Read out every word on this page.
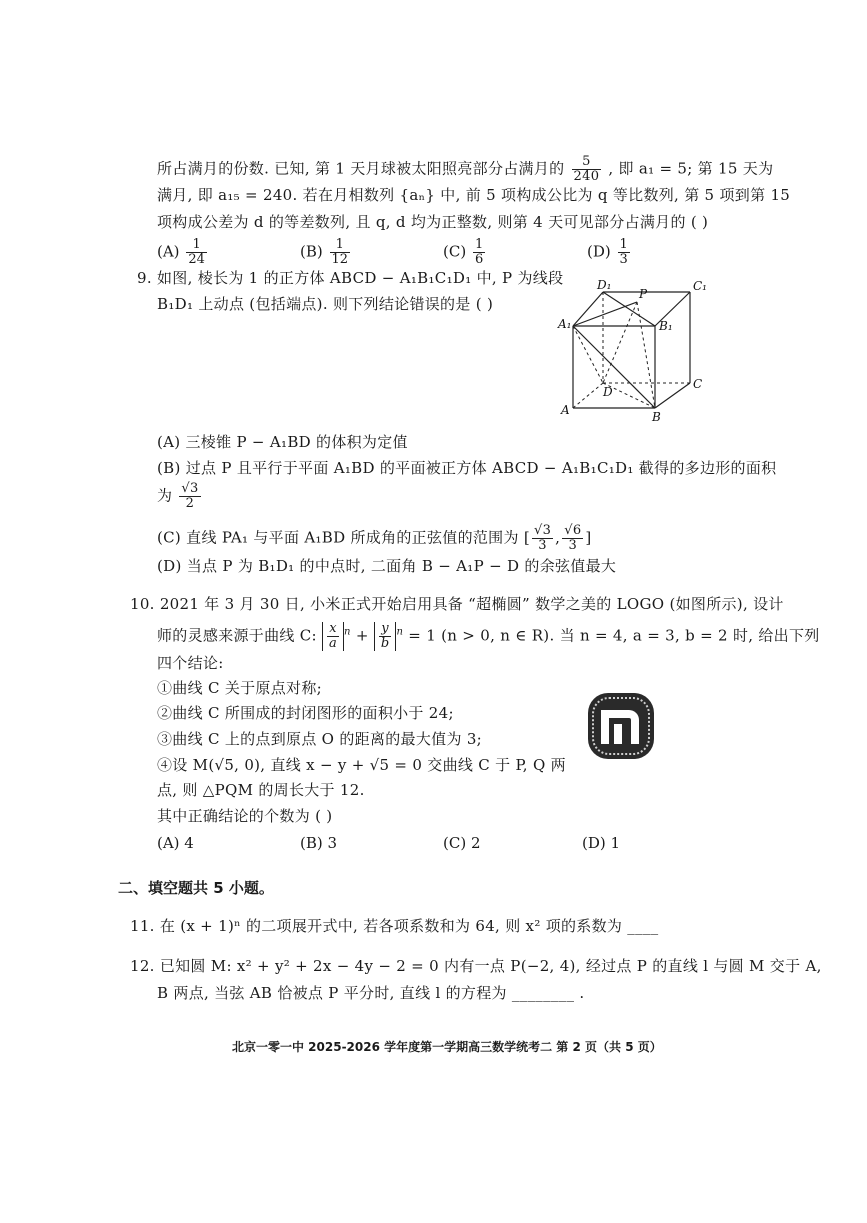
所占满月的份数. 已知, 第 1 天月球被太阳照亮部分占满月的 $\frac{5}{240}$ , 即 a₁ = 5; 第 15 天为
满月, 即 a₁₅ = 240. 若在月相数列 {aₙ} 中, 前 5 项构成公比为 q 等比数列, 第 5 项到第 15
项构成公差为 d 的等差数列, 且 q, d 均为正整数, 则第 4 天可见部分占满月的 ( )
$(A) \frac{1}{24}$	$(B) \frac{1}{12}$	$(C) \frac{1}{6}$	$(D) \frac{1}{3}$
9. 如图, 棱长为 1 的正方体 ABCD − A₁B₁C₁D₁ 中, P 为线段
B₁D₁ 上动点 (包括端点). 则下列结论错误的是 ( )
D₁
P
C₁
A₁	B₁
D
C
A	B
(A) 三棱锥 P − A₁BD 的体积为定值
(B) 过点 P 且平行于平面 A₁BD 的平面被正方体 ABCD − A₁B₁C₁D₁ 截得的多边形的面积
为 $\frac{√3}{2}$
(C) 直线 PA₁ 与平面 A₁BD 所成角的正弦值的范围为 [ $\frac{√3}{3}$ , $\frac{√6}{3}$ ]
(D) 当点 P 为 B₁D₁ 的中点时, 二面角 B − A₁P − D 的余弦值最大
10. 2021 年 3 月 30 日, 小米正式开始启用具备 “超椭圆” 数学之美的 LOGO (如图所示), 设计
师的灵感来源于曲线 C: $\frac{x}{a} ^n + \frac{y}{b} ^n = 1$ (n > 0, n ∈ R). 当 n = 4, a = 3, b = 2 时, 给出下列
四个结论:
①曲线 C 关于原点对称;
②曲线 C 所围成的封闭图形的面积小于 24;
③曲线 C 上的点到原点 O 的距离的最大值为 3;
④设 M(√5, 0), 直线 x − y + √5 = 0 交曲线 C 于 P, Q 两
点, 则 △PQM 的周长大于 12.
其中正确结论的个数为 ( )
(A) 4	(B) 3	(C) 2	(D) 1
二、填空题共 5 小题。
11. 在 (x + 1)ⁿ 的二项展开式中, 若各项系数和为 64, 则 x² 项的系数为 ____
12. 已知圆 M: x² + y² + 2x − 4y − 2 = 0 内有一点 P(−2, 4), 经过点 P 的直线 l 与圆 M 交于 A,
B 两点, 当弦 AB 恰被点 P 平分时, 直线 l 的方程为 ________ .
北京一零一中 2025-2026 学年度第一学期高三数学统考二 第 2 页（共 5 页）
